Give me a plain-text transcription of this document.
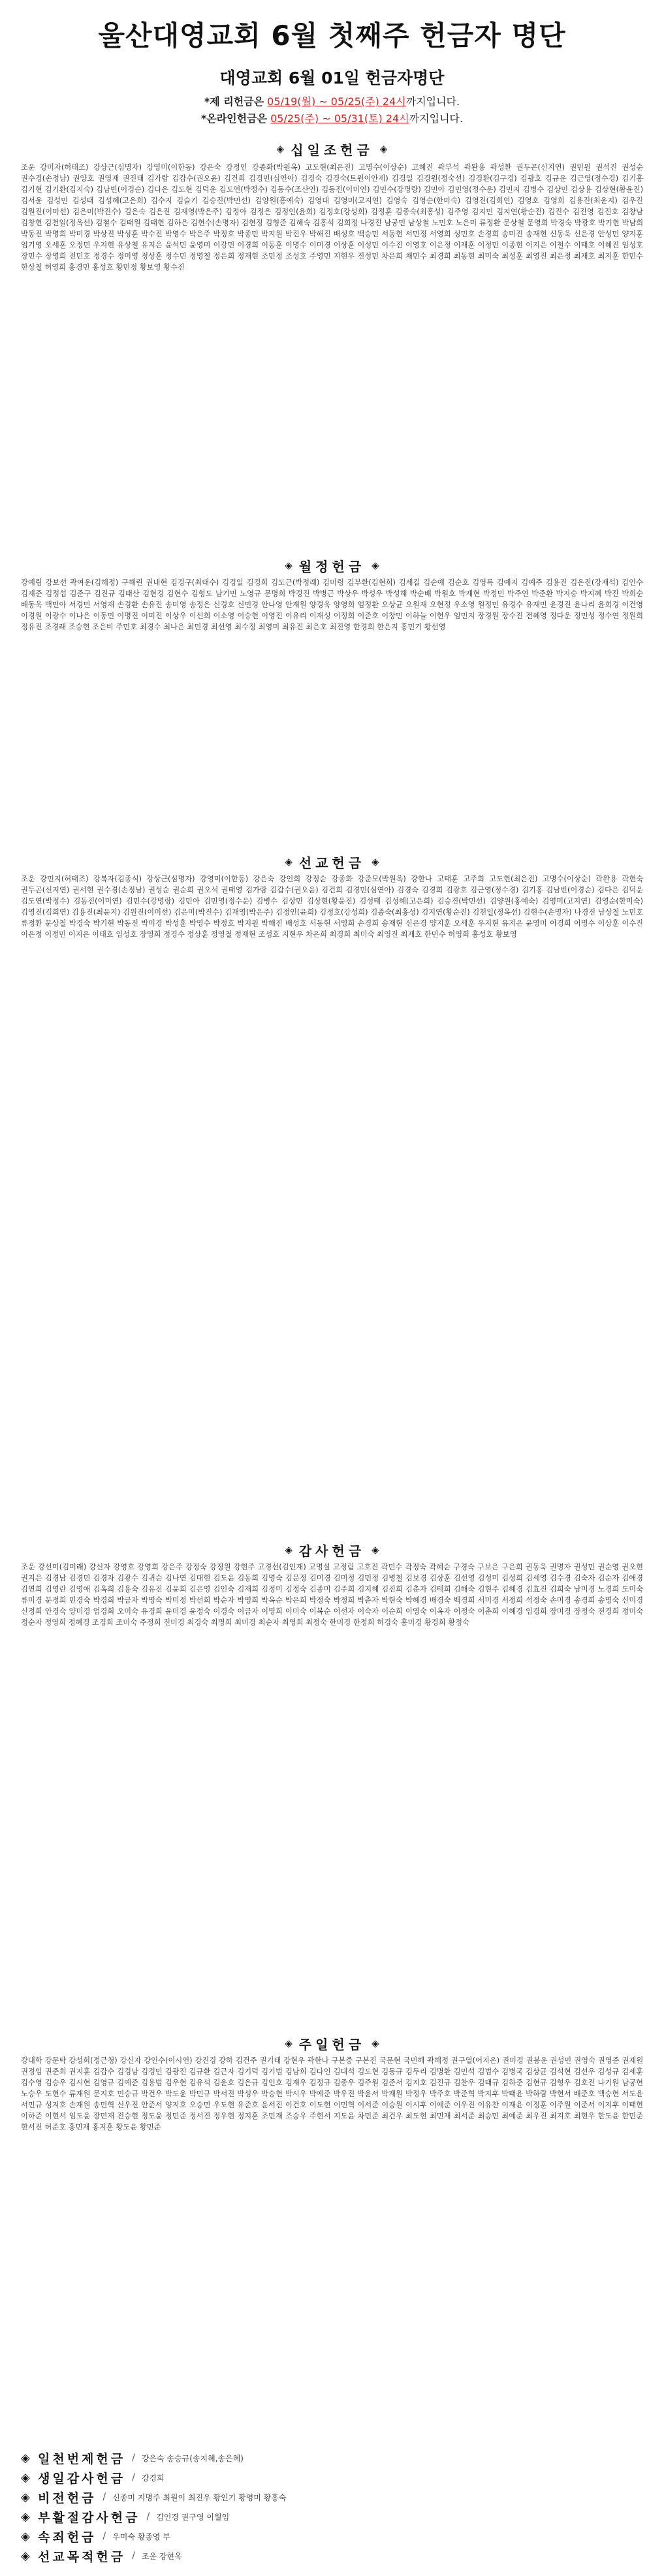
울산대영교회 6월 첫째주 헌금자 명단
대영교회 6월 01일 헌금자명단
*제 리헌금은 05/19(월) ~ 05/25(주) 24시까지입니다.
*온라인헌금은 05/25(주) ~ 05/31(토) 24시까지입니다.
◈ 십일조헌금 ◈
조운 강미자(허태조) 강상근(심명자) 강영미(이한동) 강은숙 강정인 강종화(박원옥) 고도현(최은진) 고명수(이상순) 고혜진 곽부석 곽완용 곽성환 권두곤(신지연) 권민원 권석진 권성순 권수경(손정남) 권양호 권영재 권진태 김가람 김갑수(권오윤) 김건희 김경민(심연아) 김경숙 김경숙(트윈이안제) 김경일 김경원(정숙선) 김경환(김구경) 김광호 김규운 김근영(정수경) 김기홍 김기현 김기환(김지숙) 김남빈(이경순) 김다은 김도현 김덕운 김도연(박정수) 김동수(조산연) 김동진(이미연) 김민수(강명랑) 김민아 김민영(정수운) 김민지 김병수 김상민 김상용 김상현(황윤진) 김서윤 김성민 김성태 김성혜(고은희) 김수지 김슬기 김승진(박민선) 김양원(홍예숙) 김영대 김영미(고지연) 김영숙 김영순(한미숙) 김영진(김희연) 김영호 김영희 김용진(최윤지) 김우진 김원진(이미선) 김은미(박진수) 김은숙 김은진 김재영(박은주) 김정아 김정은 김정인(윤희) 김정호(강성희) 김정훈 김종숙(최홍성) 김주영 김지민 김지연(황순진) 김진수 김진영 김진호 김창남 김창현 김천일(정옥선) 김철수 김태원 김태현 김하은 김현수(손명자) 김현정 김형준 김혜숙 김홍석 김희정 나경진 남궁민 남상철 노민호 노은미 류정환 문상철 문영희 박경숙 박광호 박기현 박남희 박동진 박명희 박미경 박상진 박성훈 박수진 박영수 박은주 박정호 박종민 박지원 박진우 박해진 배성호 백승민 서동현 서민정 서영희 성민호 손경희 송미진 송재현 신동욱 신은경 안성민 양지훈 엄기영 오세훈 오정민 우지현 유상철 유지은 윤석민 윤영미 이강민 이경희 이동훈 이명수 이미경 이상훈 이성민 이수진 이영호 이은정 이재훈 이정민 이종현 이지은 이철수 이태호 이혜진 임성호 장민수 장영희 전민호 정경수 정미영 정상훈 정수민 정영철 정은희 정재현 조민정 조성호 주영민 지현우 진성민 차은희 채민수 최경희 최동현 최미숙 최성훈 최영진 최은정 최재호 최지훈 한민수 한상철 허영희 홍경민 홍성호 황민정 황보영 황수진
◈ 월정헌금 ◈
강예림 강보선 곽여운(김해정) 구해린 권내현 김경구(최태수) 김경일 김경희 김도근(박정래) 김미령 김부환(김현희) 김세길 김순애 김순호 김영록 김예지 김예주 김용진 김은진(강재석) 김인수 김재준 김정섭 김준구 김진규 김태산 김현경 김현수 김형도 남기민 노영규 문명희 박경진 박병근 박상우 박성우 박성해 박순배 박원호 박재현 박정민 박주연 박준환 박지승 박지혜 박진 박희순 배동욱 백민아 서경민 서영재 손경환 손유진 송미영 송정은 신경호 신민경 안나영 안재원 양경욱 양영희 엄정환 오상균 오원재 오현정 우소영 원정민 유경수 유재민 윤경진 윤나리 윤희경 이건영 이경원 이광수 이나은 이동민 이명진 이미진 이상우 이선희 이소영 이승현 이영진 이유리 이재성 이정희 이준호 이창민 이하늘 이현우 임민지 장경원 장수진 전혜영 정다운 정민성 정수연 정원희 정유진 조경래 조승현 조은비 주민호 최경수 최나은 최민경 최선영 최수정 최영미 최유진 최은호 최진영 한경희 한은지 홍민기 황선영
◈ 선교헌금 ◈
조운 강민지(허태조) 강복자(김종식) 강상근(심명자) 강영미(이한동) 강은숙 강인희 강정순 강종화 강준모(박원옥) 강한나 고태훈 고주희 고도현(최은진) 고명수(이상순) 곽완용 곽현숙 권두곤(신지연) 권서현 권수경(손정남) 권성순 권순희 권오석 권태영 김가람 김갑수(권오윤) 김건희 김경민(심연아) 김경숙 김경희 김광호 김근영(정수경) 김기홍 김남빈(이경순) 김다은 김덕운 김도연(박정수) 김동진(이미연) 김민수(강명랑) 김민아 김민영(정수운) 김병수 김상민 김상현(황윤진) 김성태 김성혜(고은희) 김승진(박민선) 김양원(홍예숙) 김영미(고지연) 김영순(한미숙) 김영진(김희연) 김용진(최윤지) 김원진(이미선) 김은미(박진수) 김재영(박은주) 김정인(윤희) 김정호(강성희) 김종숙(최홍성) 김지연(황순진) 김천일(정옥선) 김현수(손명자) 나경진 남상철 노민호 류정환 문상철 박경숙 박기현 박동진 박미경 박성훈 박영수 박정호 박지원 박해진 배성호 서동현 서영희 손경희 송재현 신은경 양지훈 오세훈 우지현 유지은 윤영미 이경희 이명수 이상훈 이수진 이은정 이정민 이지은 이태호 임성호 장영희 정경수 정상훈 정영철 정재현 조성호 지현우 차은희 최경희 최미숙 최영진 최재호 한민수 허영희 홍성호 황보영
◈ 감사헌금 ◈
조운 강선미(김미래) 강신자 강영호 강영희 강은주 강정숙 강정원 강현주 고경선(김인재) 고명실 고정림 고호진 곽민수 곽정숙 곽혜순 구경숙 구보은 구은희 권동욱 권명자 권성민 권순영 권오현 권지은 김경남 김경민 김경자 김광수 김귀순 김나연 김대현 김도윤 김동희 김명숙 김문정 김미경 김미정 김민정 김병철 김보경 김상훈 김선영 김성미 김성희 김세영 김수경 김숙자 김순자 김애경 김연희 김영란 김영애 김옥희 김용숙 김유진 김윤희 김은영 김인숙 김재희 김정미 김정숙 김종미 김주희 김지혜 김진희 김춘자 김태희 김해숙 김현주 김혜경 김효진 김희숙 남미경 노경희 도미숙 류미경 문정희 민경숙 박경희 박금자 박명숙 박미정 박선희 박순자 박영희 박옥순 박은희 박정숙 박정희 박춘자 박현숙 박혜경 배경숙 백경희 서미경 서정희 석정숙 손미경 송경희 송명숙 신미경 신정희 안경숙 양미경 엄경희 오미숙 유경희 윤미경 윤정숙 이경숙 이금자 이명희 이미숙 이복순 이선자 이숙자 이순희 이영숙 이옥자 이정숙 이춘희 이혜경 임경희 장미경 장정숙 전경희 정미숙 정순자 정영희 정혜경 조경희 조미숙 주정희 진미경 최경숙 최명희 최미경 최순자 최영희 최정숙 한미경 한정희 허경숙 홍미경 황경희 황정숙
◈ 주일헌금 ◈
강대학 강문탁 강성희(정근청) 강신자 강인수(이시연) 강진경 강하 김건주 권기태 강현우 곽한나 구본중 구본진 국문현 국민해 곽해정 권구열(어지은) 권미경 권봉운 권성민 권영숙 권영준 권재원 권정임 권준희 권지훈 김갑수 김경남 김경민 김광진 김규환 김근자 김기덕 김기범 김남희 김다인 김대석 김도현 김동규 김두리 김명환 김민석 김범수 김병국 김상균 김석현 김선우 김성규 김세훈 김수영 김승우 김시현 김영규 김예준 김용범 김우현 김유석 김윤호 김은규 김인호 김재우 김정규 김종우 김주원 김준서 김지호 김진규 김찬우 김태규 김하준 김현규 김형우 김호진 나기원 남궁현 노승우 도현수 류재원 문지호 민승규 박건우 박도윤 박민규 박서진 박성우 박승현 박시우 박예준 박우진 박윤서 박재원 박정우 박주호 박준혁 박지후 박태윤 박하람 박현서 배준호 백승현 서도윤 서민규 성지호 손재원 송민혁 신우진 안준서 양지호 오승민 우도현 유준호 윤서진 이건호 이도현 이민혁 이서준 이승원 이시후 이예준 이우진 이유찬 이재윤 이정훈 이주원 이준서 이지후 이태현 이하준 이현서 임도윤 장민재 전승현 정도윤 정민준 정서진 정우현 정지훈 조민재 조승우 주현서 지도윤 차민준 최건우 최도현 최민재 최서준 최승민 최예준 최우진 최지호 최현우 한도윤 한민준 한서진 허준호 홍민재 홍지훈 황도윤 황민준
◈ 일천번제헌금 / 강은숙 송승규(송지혜,송은혜)
◈ 생일감사헌금 / 강경희
◈ 비전헌금 / 신종미 지명주 최원이 최진우 황인기 황영미 황홍숙
◈ 부활절감사헌금 / 김인경 권구영 이월임
◈ 속죄헌금 / 우미숙 황종영 부
◈ 선교목적헌금 / 조운 강현욱
